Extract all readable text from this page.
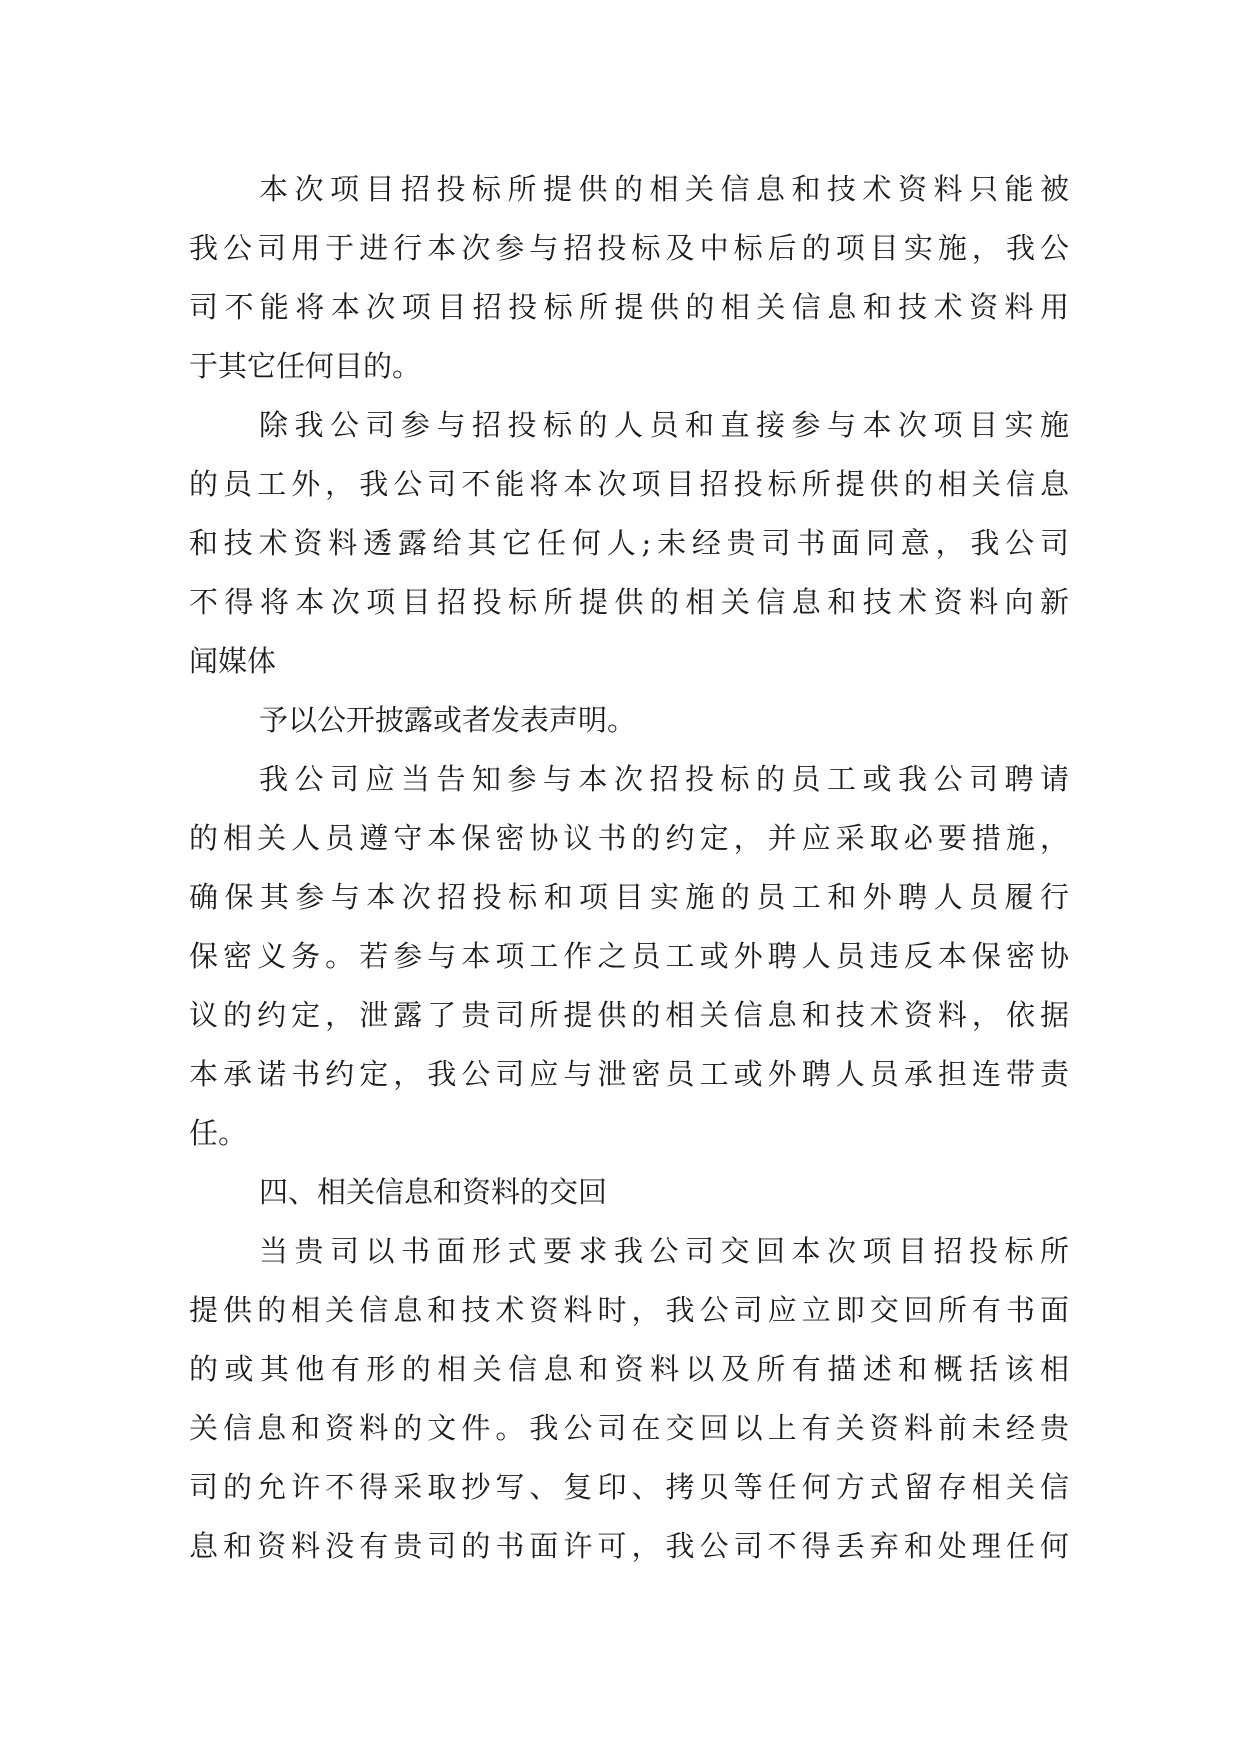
本次项目招投标所提供的相关信息和技术资料只能被
我公司用于进行本次参与招投标及中标后的项目实施，我公
司不能将本次项目招投标所提供的相关信息和技术资料用
于其它任何目的。
除我公司参与招投标的人员和直接参与本次项目实施
的员工外，我公司不能将本次项目招投标所提供的相关信息
和技术资料透露给其它任何人;未经贵司书面同意，我公司
不得将本次项目招投标所提供的相关信息和技术资料向新
闻媒体
予以公开披露或者发表声明。
我公司应当告知参与本次招投标的员工或我公司聘请
的相关人员遵守本保密协议书的约定，并应采取必要措施，
确保其参与本次招投标和项目实施的员工和外聘人员履行
保密义务。若参与本项工作之员工或外聘人员违反本保密协
议的约定，泄露了贵司所提供的相关信息和技术资料，依据
本承诺书约定，我公司应与泄密员工或外聘人员承担连带责
任。
四、相关信息和资料的交回
当贵司以书面形式要求我公司交回本次项目招投标所
提供的相关信息和技术资料时，我公司应立即交回所有书面
的或其他有形的相关信息和资料以及所有描述和概括该相
关信息和资料的文件。我公司在交回以上有关资料前未经贵
司的允许不得采取抄写、复印、拷贝等任何方式留存相关信
息和资料没有贵司的书面许可，我公司不得丢弃和处理任何
